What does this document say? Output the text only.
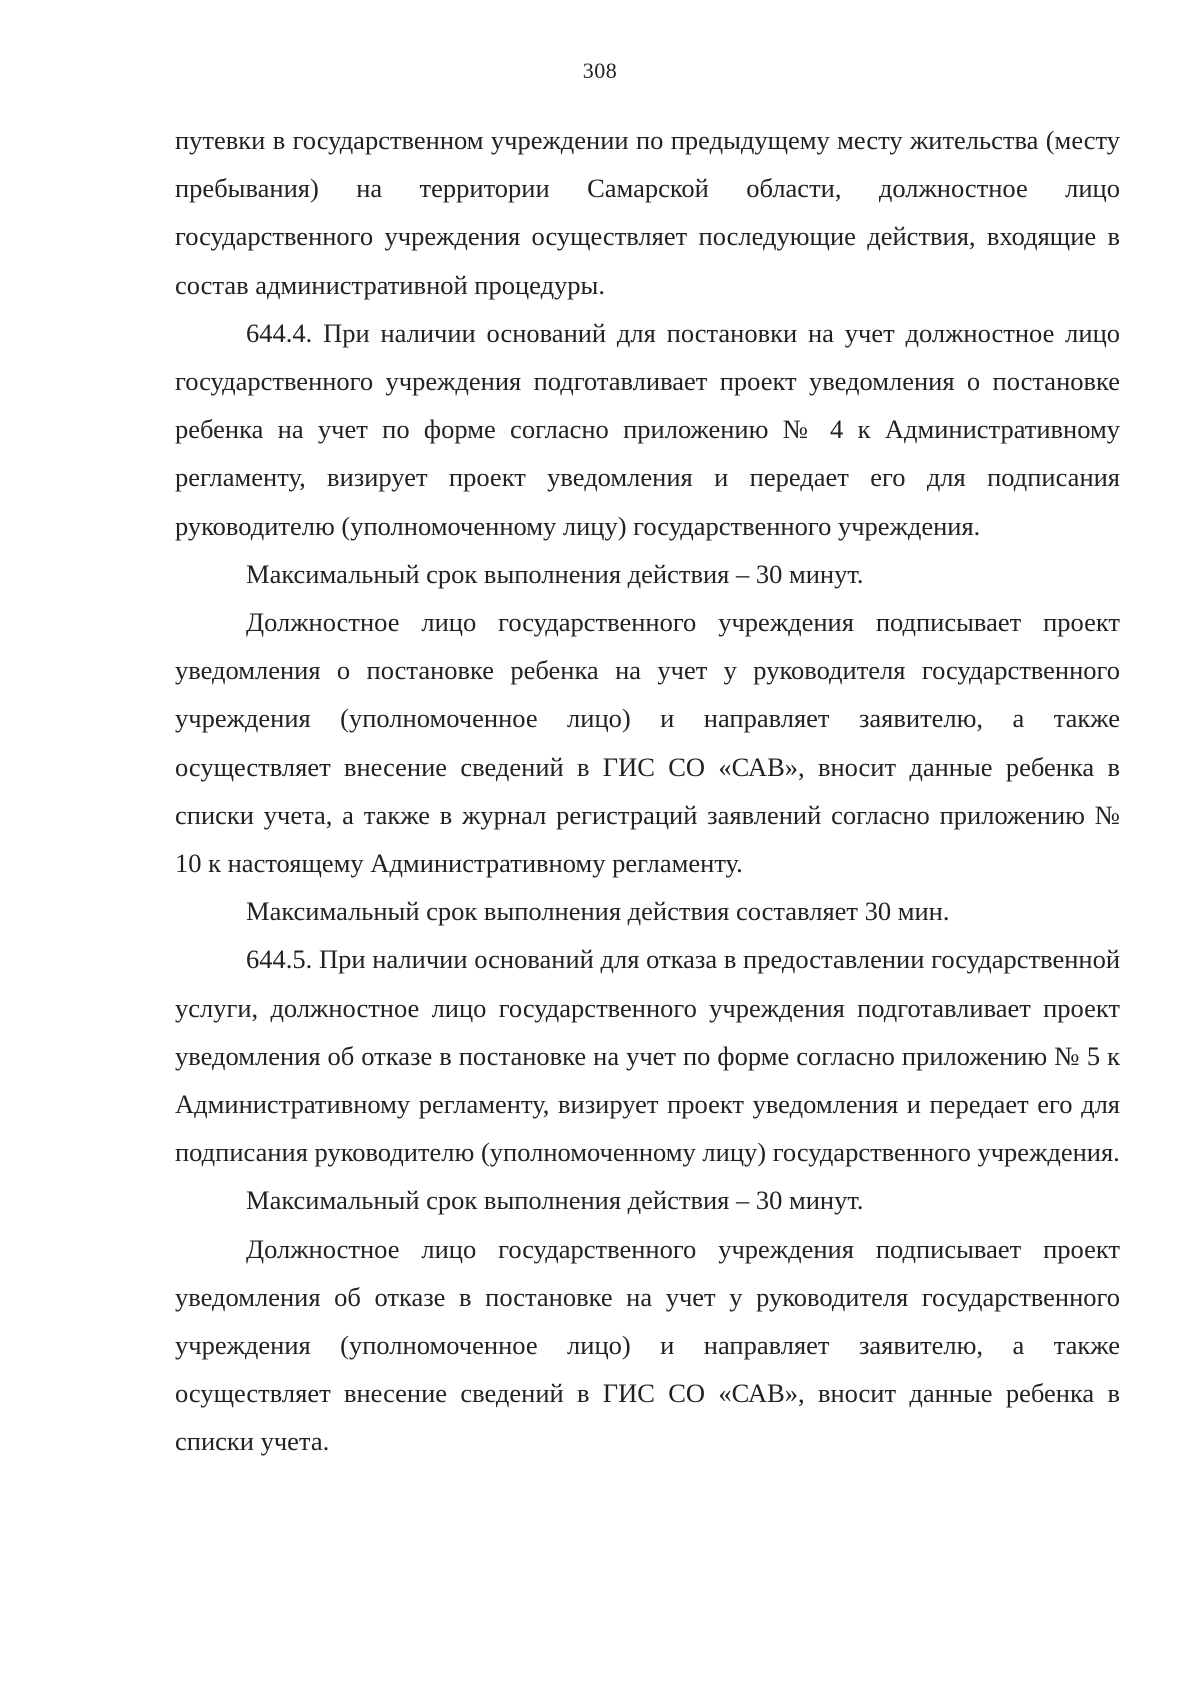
308

путевки в государственном учреждении по предыдущему месту жительства (месту пребывания) на территории Самарской области, должностное лицо государственного учреждения осуществляет последующие действия, входящие в состав административной процедуры.

644.4. При наличии оснований для постановки на учет должностное лицо государственного учреждения подготавливает проект уведомления о постановке ребенка на учет по форме согласно приложению № 4 к Административному регламенту, визирует проект уведомления и передает его для подписания руководителю (уполномоченному лицу) государственного учреждения.

Максимальный срок выполнения действия – 30 минут.

Должностное лицо государственного учреждения подписывает проект уведомления о постановке ребенка на учет у руководителя государственного учреждения (уполномоченное лицо) и направляет заявителю, а также осуществляет внесение сведений в ГИС СО «САВ», вносит данные ребенка в списки учета, а также в журнал регистраций заявлений согласно приложению № 10 к настоящему Административному регламенту.

Максимальный срок выполнения действия составляет 30 мин.

644.5. При наличии оснований для отказа в предоставлении государственной услуги, должностное лицо государственного учреждения подготавливает проект уведомления об отказе в постановке на учет по форме согласно приложению № 5 к Административному регламенту, визирует проект уведомления и передает его для подписания руководителю (уполномоченному лицу) государственного учреждения.

Максимальный срок выполнения действия – 30 минут.

Должностное лицо государственного учреждения подписывает проект уведомления об отказе в постановке на учет у руководителя государственного учреждения (уполномоченное лицо) и направляет заявителю, а также осуществляет внесение сведений в ГИС СО «САВ», вносит данные ребенка в списки учета.
